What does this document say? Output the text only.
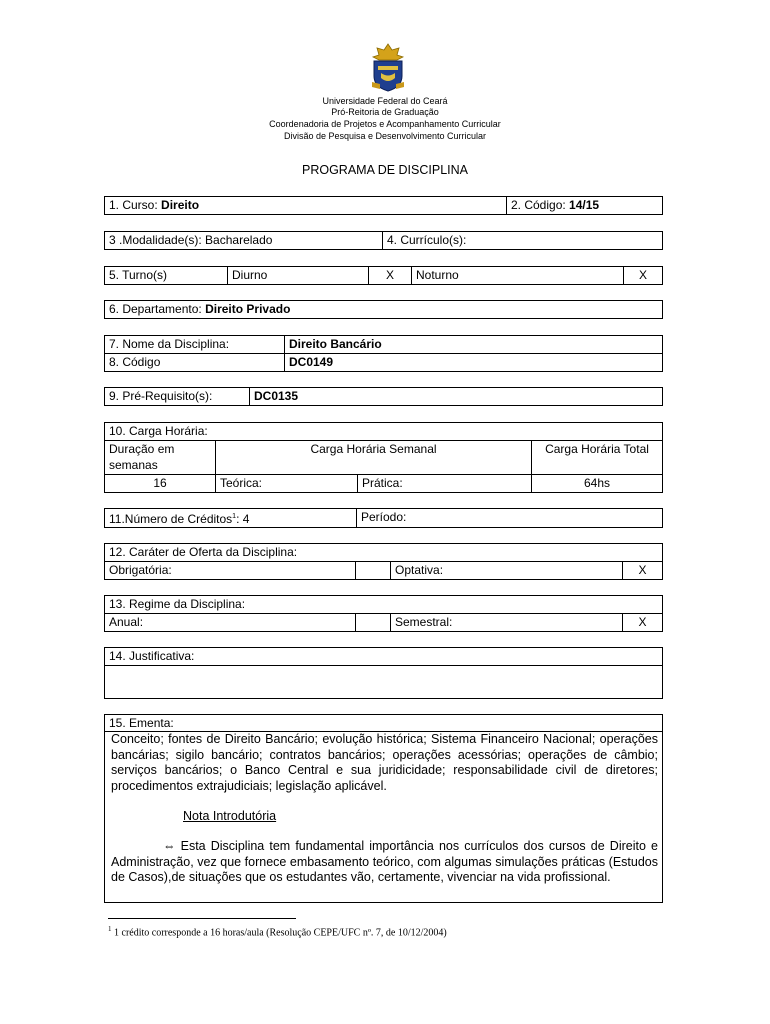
Universidade Federal do Ceará
Pró-Reitoria de Graduação
Coordenadoria de Projetos e Acompanhamento Curricular
Divisão de Pesquisa e Desenvolvimento Curricular
PROGRAMA DE DISCIPLINA
1. Curso: Direito	2. Código: 14/15
3 .Modalidade(s): Bacharelado	4. Currículo(s):
5. Turno(s)	Diurno	X	Noturno	X
6. Departamento: Direito Privado
7. Nome da Disciplina:	Direito Bancário
8. Código	DC0149
9. Pré-Requisito(s):	DC0135
10. Carga Horária:			
Duração em semanas	Carga Horária Semanal		Carga Horária Total
16	Teórica:	Prática:	64hs
11.Número de Créditos$^1$: 4	Período:
12. Caráter de Oferta da Disciplina:
Obrigatória:		Optativa:	X
13. Regime da Disciplina:
Anual:		Semestral:	X
14. Justificativa:

15. Ementa:
Conceito; fontes de Direito Bancário; evolução histórica; Sistema Financeiro Nacional; operações bancárias; sigilo bancário; contratos bancários; operações acessórias; operações de câmbio; serviços bancários; o Banco Central e sua juridicidade; responsabilidade civil de diretores; procedimentos extrajudiciais; legislação aplicável.
Nota Introdutória
⇔ Esta Disciplina tem fundamental importância nos currículos dos cursos de Direito e Administração, vez que fornece embasamento teórico, com algumas simulações práticas (Estudos de Casos),de situações que os estudantes vão, certamente, vivenciar na vida profissional.
$^1$ 1 crédito corresponde a 16 horas/aula (Resolução CEPE/UFC nº. 7, de 10/12/2004)
